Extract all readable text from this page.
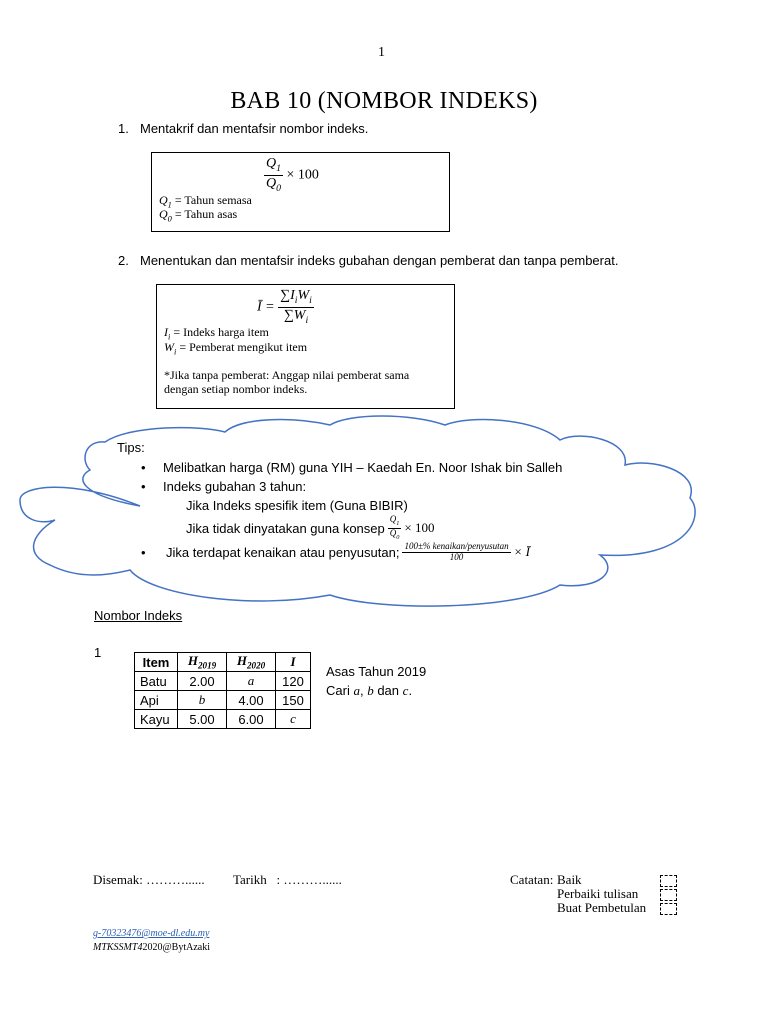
1
BAB 10 (NOMBOR INDEKS)
1. Mentakrif dan mentafsir nombor indeks.
$\frac{Q_1}{Q_0} \times 100$
$Q_1$ = Tahun semasa
$Q_0$ = Tahun asas
2. Menentukan dan mentafsir indeks gubahan dengan pemberat dan tanpa pemberat.
Ī = $\frac{\sum I_iW_i}{\sum W_i}$
$I_i$ = Indeks harga item
$W_i$ = Pemberat mengikut item
*Jika tanpa pemberat: Anggap nilai pemberat sama
dengan setiap nombor indeks.
Tips:
• Melibatkan harga (RM) guna YIH – Kaedah En. Noor Ishak bin Salleh
• Indeks gubahan 3 tahun:
Jika Indeks spesifik item (Guna BIBIR)
Jika tidak dinyatakan guna konsep $\frac{Q_1}{Q_0} \times 100$
•	Jika terdapat kenaikan atau penyusutan; $\frac{\text{100±\% kenaikan/penyusutan}}{100}$ × Ī
Nombor Indeks
1
Item	$H_{2019}$	$H_{2020}$	I
Batu	2.00	a	120
Api	b	4.00	150
Kayu	5.00	6.00	c
Asas Tahun 2019
Cari a, b dan c.
Disemak: ………...... Tarikh   : ………......	Catatan: Baik
Perbaiki tulisan
Buat Pembetulan
g-70323476@moe-dl.edu.my
MTKSSMT42020@BytAzaki
